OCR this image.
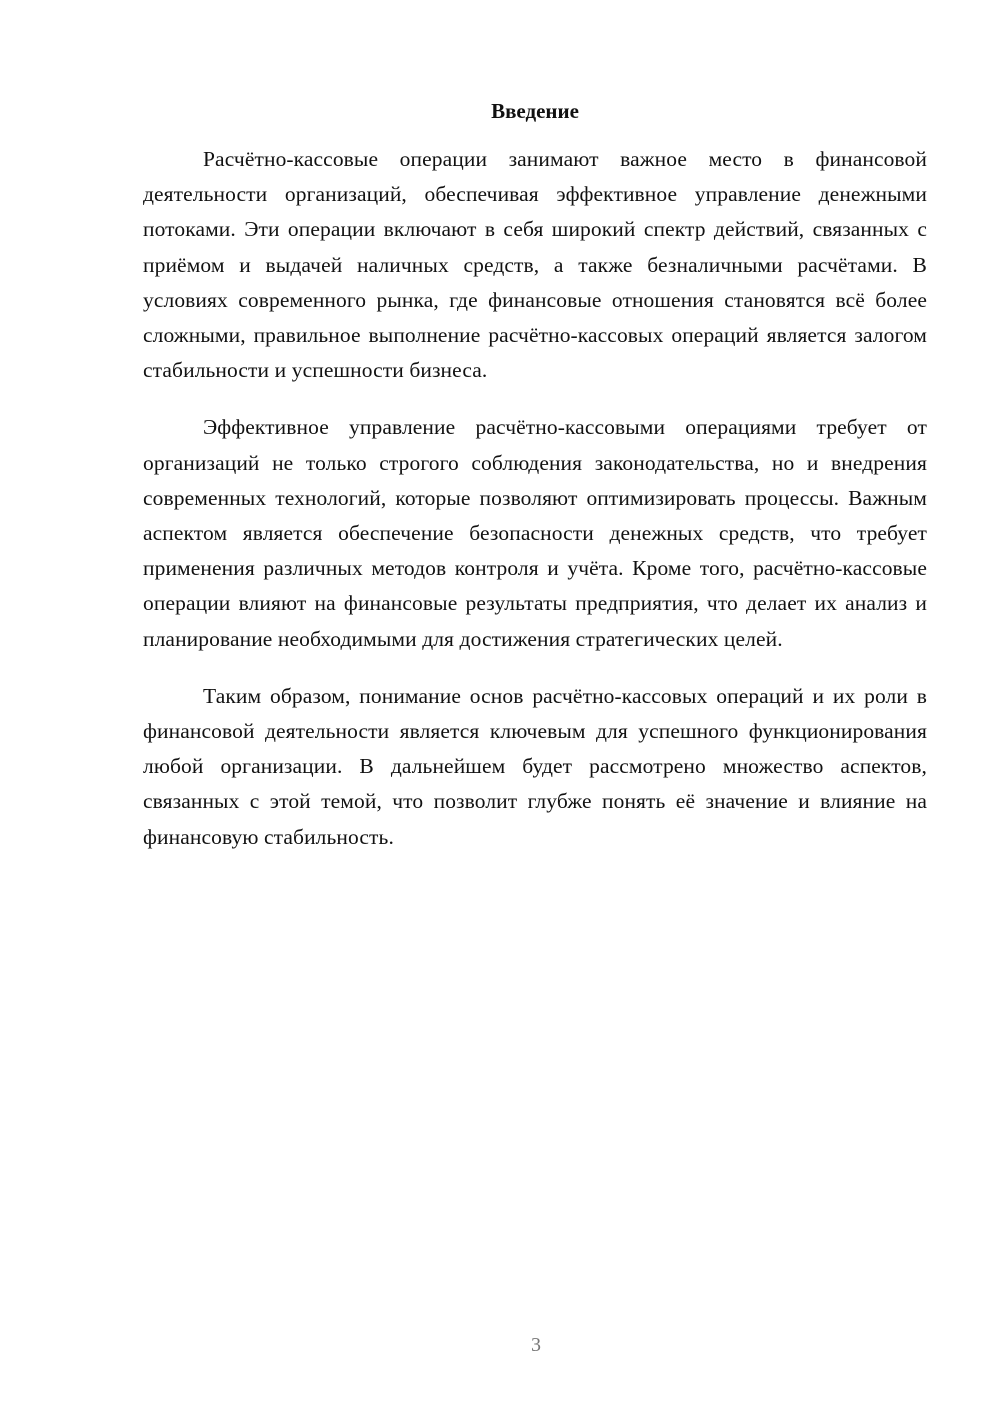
Введение

Расчётно-кассовые операции занимают важное место в финансовой деятельности организаций, обеспечивая эффективное управление денежными потоками. Эти операции включают в себя широкий спектр действий, связанных с приёмом и выдачей наличных средств, а также безналичными расчётами. В условиях современного рынка, где финансовые отношения становятся всё более сложными, правильное выполнение расчётно-кассовых операций является залогом стабильности и успешности бизнеса.

Эффективное управление расчётно-кассовыми операциями требует от организаций не только строгого соблюдения законодательства, но и внедрения современных технологий, которые позволяют оптимизировать процессы. Важным аспектом является обеспечение безопасности денежных средств, что требует применения различных методов контроля и учёта. Кроме того, расчётно-кассовые операции влияют на финансовые результаты предприятия, что делает их анализ и планирование необходимыми для достижения стратегических целей.

Таким образом, понимание основ расчётно-кассовых операций и их роли в финансовой деятельности является ключевым для успешного функционирования любой организации. В дальнейшем будет рассмотрено множество аспектов, связанных с этой темой, что позволит глубже понять её значение и влияние на финансовую стабильность.

3
